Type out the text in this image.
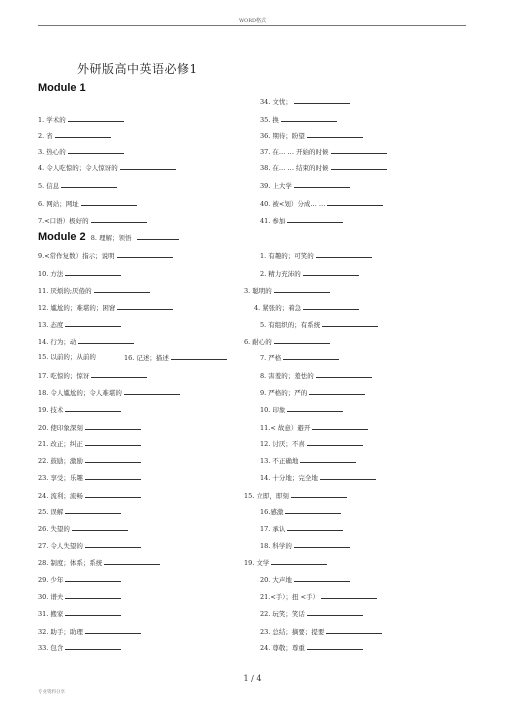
WORD格式
外研版高中英语必修1
Module 1
Module 2 8. 理解；领悟
1. 学术的
2. 省
3. 热心的
4. 令人吃惊的；令人惊讶的
5. 信息
6. 网站；网址
7.<口语）极好的
34. 文忧；
35. 换
36. 期待；盼望
37. 在… … 开始的时候
38. 在… … 结束的时候
39. 上大学
40. 被<划）分成… …
41. 参加
9.<常作复数）指示；说明
10. 方法
11. 厌烦的;厌倦的
12. 尴尬的；难堪的；困窘
13. 态度
14. 行为；动
15. 以前的；从前的	16. 记述；描述
17. 吃惊的；惊讶
18. 令人尴尬的；令人难堪的
19. 技术
20. 使印象深刻
21. 改正；纠正
22. 鼓励；激励
23. 享受；乐趣
24. 流利；流畅
25. 误解
26. 失望的
27. 令人失望的
28. 制度；体系；系统
29. 少年
30. 谱夫
31. 搬家
32. 助手；助理
33. 包含
1. 有趣的；可笑的
2. 精力充沛的
3. 聪明的
4. 紧张的；着急
5. 有组织的；有系统
6. 耐心的
7. 严格
8. 害羞的；羞怯的
9. 严格的；严的
10. 印象
11.< 故意）避开
12. 讨厌；不喜
13. 不正确地
14. 十分地；完全地
15. 立即，即刻
16.感激
17. 承认
18. 科学的
19. 文学
20. 大声地
21.<手）；扭 <手）
22. 玩笑；笑话
23. 总结；摘要；提要
24. 尊敬；尊重
1 / 4
专业资料分享
